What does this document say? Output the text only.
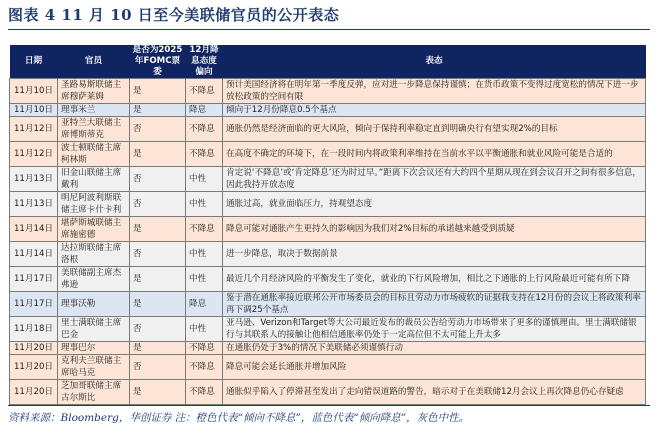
图表 4 11 月 10 日至今美联储官员的公开表态
日期	官员	是否为2025年FOMC票委	12月降息态度偏向	表态
11月10日	圣路易斯联储主席穆萨莱姆	是	不降息	预计美国经济将在明年第一季度反弹，应对进一步降息保持谨慎；在货币政策不变得过度宽松的情况下进一步放松政策的空间有限
11月10日	理事米兰	是	降息	倾向于12月份降息0.5个基点
11月12日	亚特兰大联储主席博斯蒂克	否	不降息	通胀仍然是经济面临的更大风险，倾向于保持利率稳定直到明确央行有望实现2%的目标
11月12日	波士顿联储主席柯林斯	是	不降息	在高度不确定的环境下，在一段时间内将政策利率维持在当前水平以平衡通胀和就业风险可能是合适的
11月13日	旧金山联储主席戴利	否	中性	肯定说‘不降息’或‘肯定降息’还为时过早。”距离下次会议还有大约四个星期从现在到会议召开之间有很多信息，因此我持开放态度
11月13日	明尼阿波利斯联储主席卡什卡利	否	中性	通胀过高，就业面临压力，持观望态度
11月14日	堪萨斯城联储主席施密德	是	不降息	降息可能对通胀产生更持久的影响因为我们对2%目标的承诺越来越受到质疑
11月14日	达拉斯联储主席洛根	否	中性	进一步降息，取决于数据前景
11月17日	美联储副主席杰弗逊	是	中性	最近几个月经济风险的平衡发生了变化，就业的下行风险增加，相比之下通胀的上行风险最近可能有所下降
11月17日	理事沃勒	是	降息	鉴于潜在通胀率接近联邦公开市场委员会的目标且劳动力市场疲软的证据我支持在12月份的会议上将政策利率再下调25个基点
11月18日	里士满联储主席巴金	否	中性	亚马逊、Verizon和Target等大公司最近发布的裁员公告给劳动力市场带来了更多的谨慎理由。里士满联储银行与其联系人的接触让他相信通胀率仍处于一定高位但不太可能上升太多
11月20日	理事巴尔	是	不降息	在通胀仍处于3%的情况下美联储必须谨慎行动
11月20日	克利夫兰联储主席哈马克	否	不降息	降息可能会延长通胀并增加风险
11月20日	芝加哥联储主席古尔斯比	是	不降息	通胀似乎陷入了停滞甚至发出了走向错误道路的警告，暗示对于在美联储12月会议上再次降息仍心存疑虑
资料来源：Bloomberg，华创证券 注：橙色代表“倾向不降息”，蓝色代表“倾向降息”，灰色中性。
